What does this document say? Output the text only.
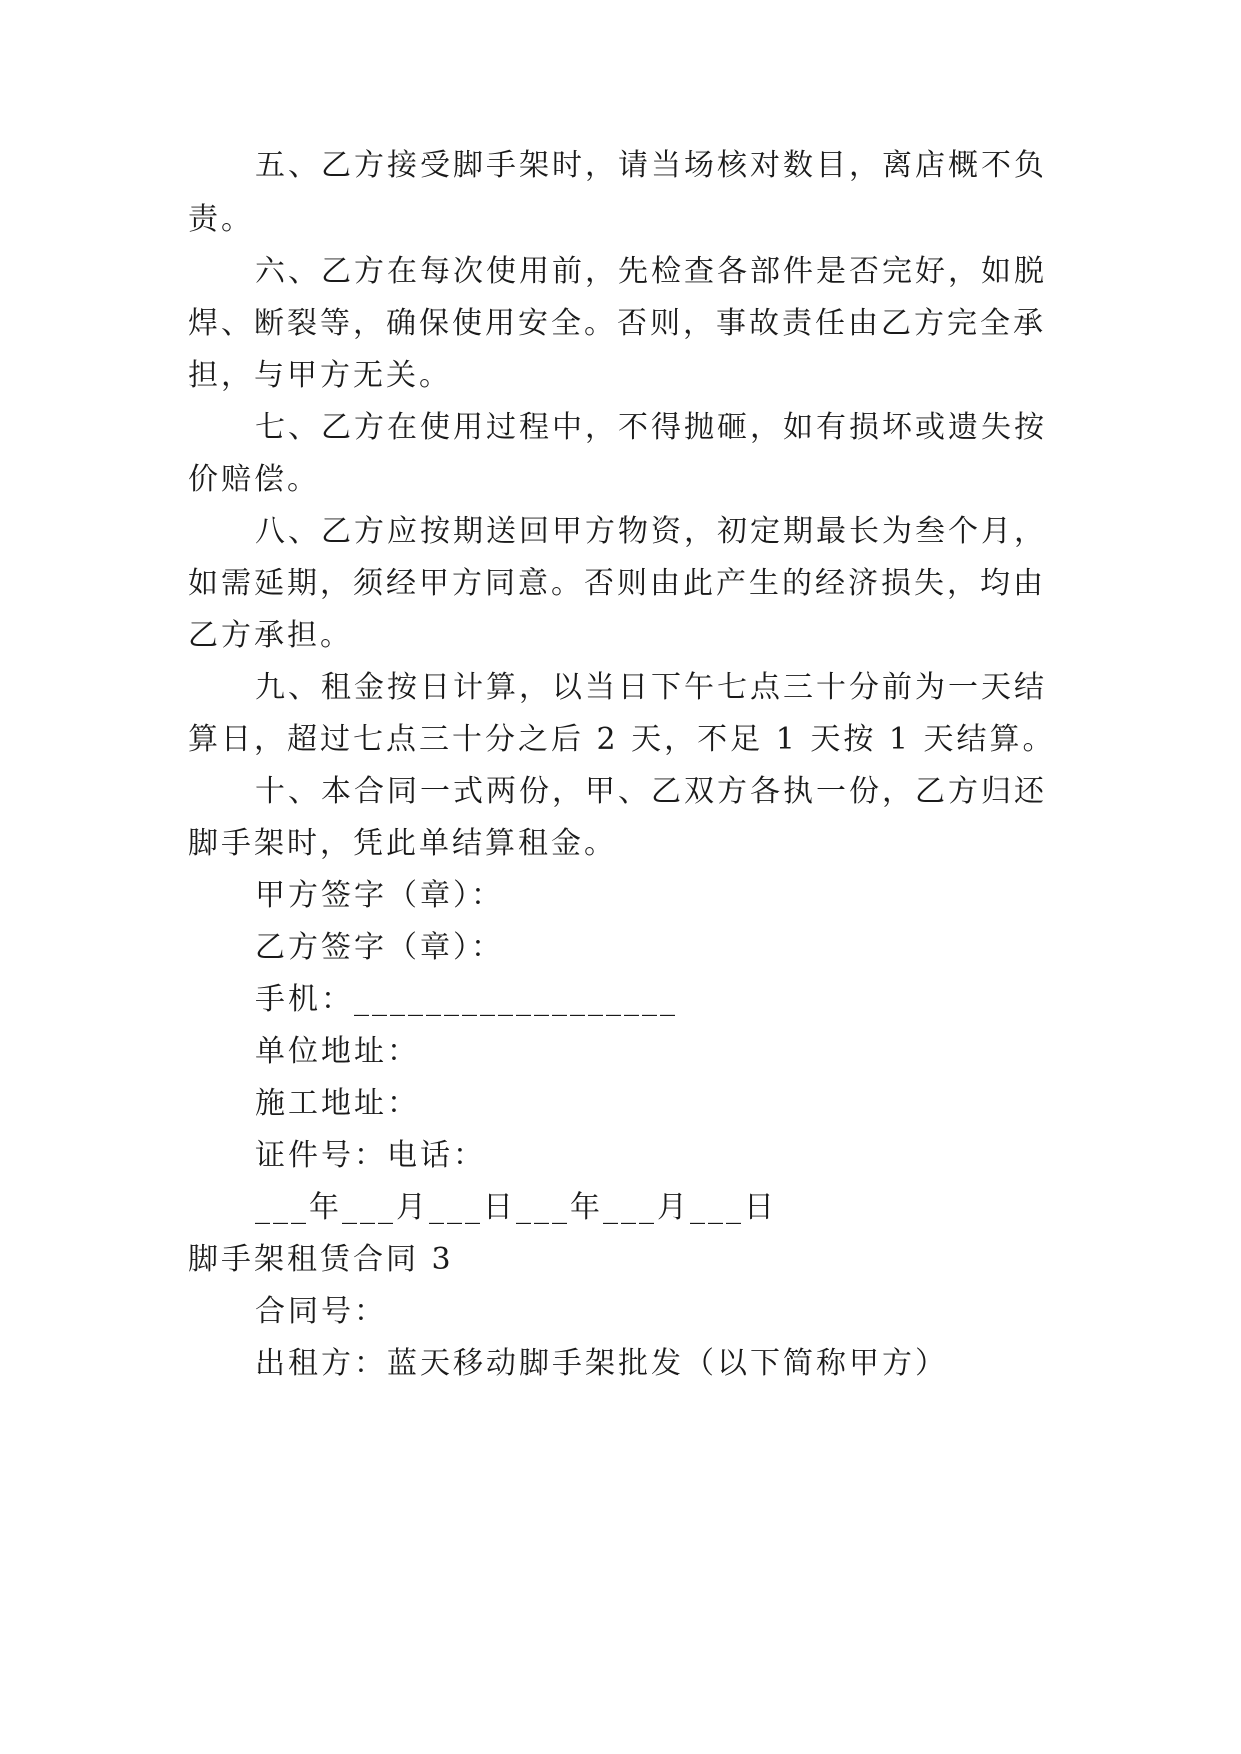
五、乙方接受脚手架时，请当场核对数目，离店概不负
责。
六、乙方在每次使用前，先检查各部件是否完好，如脱
焊、断裂等，确保使用安全。否则，事故责任由乙方完全承
担，与甲方无关。
七、乙方在使用过程中，不得抛砸，如有损坏或遗失按
价赔偿。
八、乙方应按期送回甲方物资，初定期最长为叁个月，
如需延期，须经甲方同意。否则由此产生的经济损失，均由
乙方承担。
九、租金按日计算，以当日下午七点三十分前为一天结
算日，超过七点三十分之后 2 天，不足 1 天按 1 天结算。
十、本合同一式两份，甲、乙双方各执一份，乙方归还
脚手架时，凭此单结算租金。
甲方签字（章）：
乙方签字（章）：
手机：__________________
单位地址：
施工地址：
证件号：电话：
___年___月___日___年___月___日
脚手架租赁合同 3
合同号：
出租方：蓝天移动脚手架批发（以下简称甲方）
